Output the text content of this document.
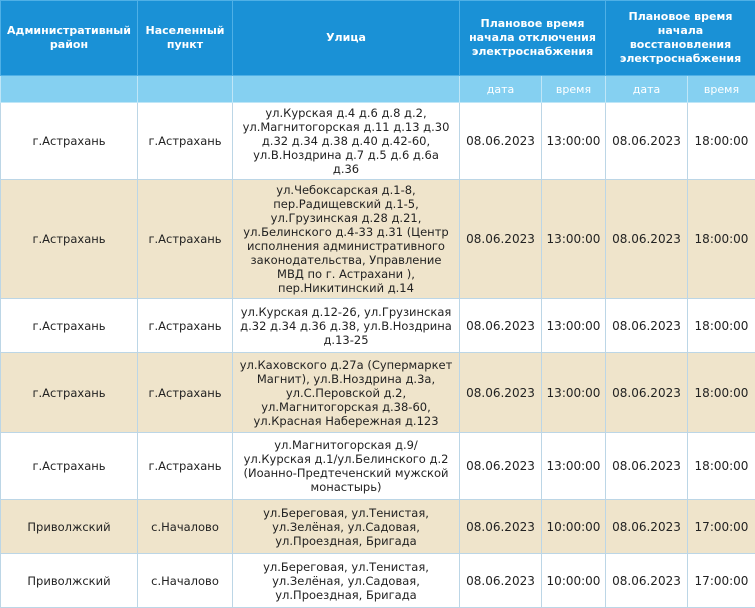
Административный район	Населенный пункт	Улица	Плановое время начала отключения электроснабжения		Плановое время начала восстановления электроснабжения	
			дата	время	дата	время
г.Астрахань	г.Астрахань	ул.Курская д.4 д.6 д.8 д.2, ул.Магнитогорская д.11 д.13 д.30 д.32 д.34 д.38 д.40 д.42-60, ул.В.Ноздрина д.7 д.5 д.6 д.6а д.36	08.06.2023	13:00:00	08.06.2023	18:00:00
г.Астрахань	г.Астрахань	ул.Чебоксарская д.1-8, пер.Радищевский д.1-5, ул.Грузинская д.28 д.21, ул.Белинского д.4-33 д.31 (Центр исполнения административного законодательства, Управление МВД по г. Астрахани ), пер.Никитинский д.14	08.06.2023	13:00:00	08.06.2023	18:00:00
г.Астрахань	г.Астрахань	ул.Курская д.12-26, ул.Грузинская д.32 д.34 д.36 д.38, ул.В.Ноздрина д.13-25	08.06.2023	13:00:00	08.06.2023	18:00:00
г.Астрахань	г.Астрахань	ул.Каховского д.27а (Супермаркет Магнит), ул.В.Ноздрина д.3а, ул.С.Перовской д.2, ул.Магнитогорская д.38-60, ул.Красная Набережная д.123	08.06.2023	13:00:00	08.06.2023	18:00:00
г.Астрахань	г.Астрахань	ул.Магнитогорская д.9/ ул.Курская д.1/ул.Белинского д.2 (Иоанно-Предтеченский мужской монастырь)	08.06.2023	13:00:00	08.06.2023	18:00:00
Приволжский	с.Началово	ул.Береговая, ул.Тенистая, ул.Зелёная, ул.Садовая, ул.Проездная, Бригада	08.06.2023	10:00:00	08.06.2023	17:00:00
Приволжский	с.Началово	ул.Береговая, ул.Тенистая, ул.Зелёная, ул.Садовая, ул.Проездная, Бригада	08.06.2023	10:00:00	08.06.2023	17:00:00
